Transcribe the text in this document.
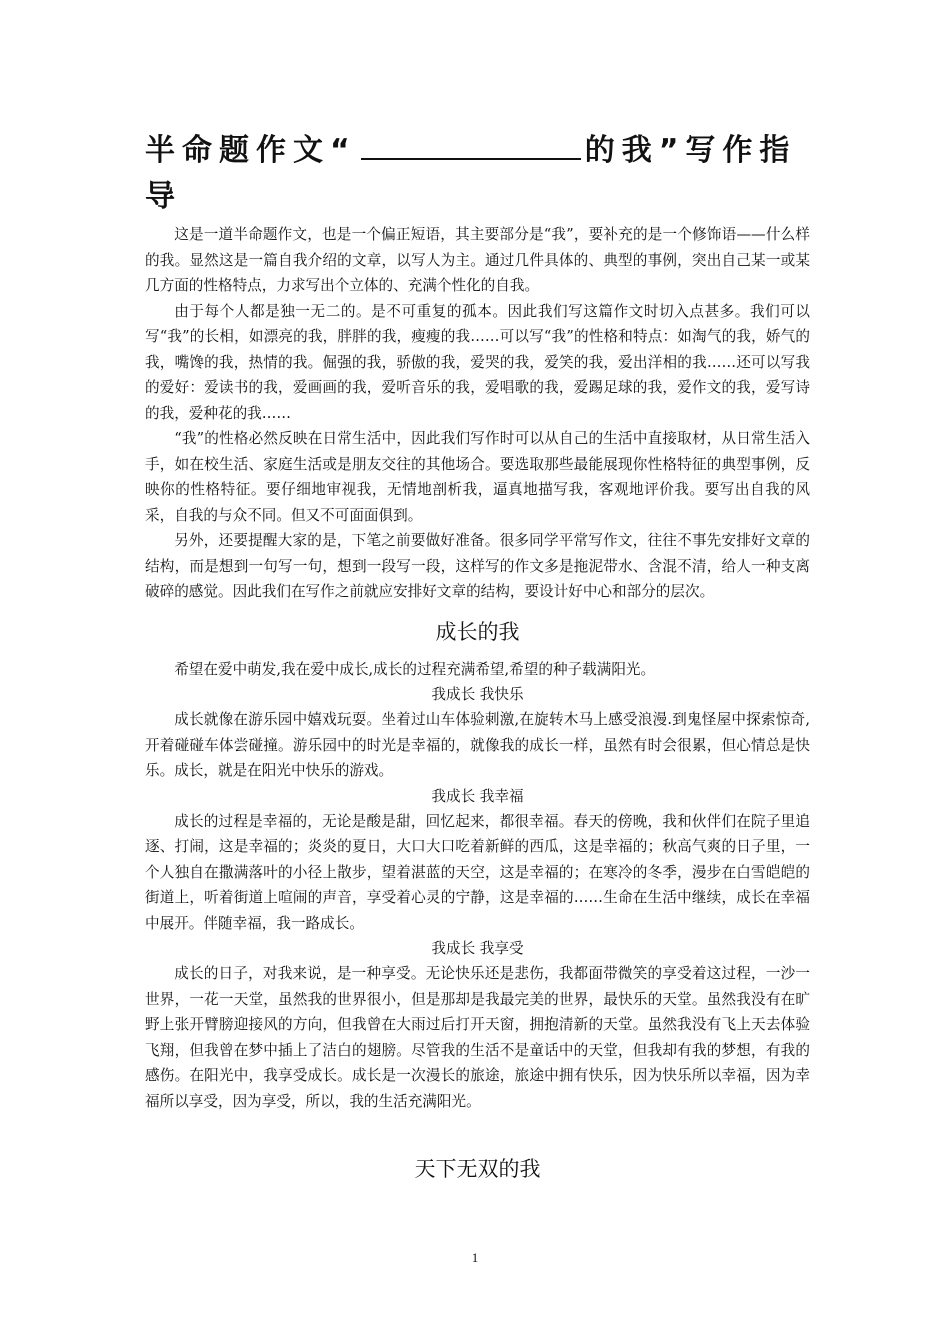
半命题作文“	的我”写作指导

这是一道半命题作文，也是一个偏正短语，其主要部分是“我”，要补充的是一个修饰语——什么样的我。显然这是一篇自我介绍的文章，以写人为主。通过几件具体的、典型的事例，突出自己某一或某几方面的性格特点，力求写出个立体的、充满个性化的自我。

由于每个人都是独一无二的。是不可重复的孤本。因此我们写这篇作文时切入点甚多。我们可以写“我”的长相，如漂亮的我，胖胖的我，瘦瘦的我……可以写“我”的性格和特点：如淘气的我，娇气的我，嘴馋的我，热情的我。倔强的我，骄傲的我，爱哭的我，爱笑的我，爱出洋相的我……还可以写我的爱好：爱读书的我，爱画画的我，爱听音乐的我，爱唱歌的我，爱踢足球的我，爱作文的我，爱写诗的我，爱种花的我……

“我”的性格必然反映在日常生活中，因此我们写作时可以从自己的生活中直接取材，从日常生活入手，如在校生活、家庭生活或是朋友交往的其他场合。要选取那些最能展现你性格特征的典型事例，反映你的性格特征。要仔细地审视我，无情地剖析我，逼真地描写我，客观地评价我。要写出自我的风采，自我的与众不同。但又不可面面俱到。

另外，还要提醒大家的是，下笔之前要做好准备。很多同学平常写作文，往往不事先安排好文章的结构，而是想到一句写一句，想到一段写一段，这样写的作文多是拖泥带水、含混不清，给人一种支离破碎的感觉。因此我们在写作之前就应安排好文章的结构，要设计好中心和部分的层次。

成长的我

希望在爱中萌发,我在爱中成长,成长的过程充满希望,希望的种子载满阳光。

我成长 我快乐

成长就像在游乐园中嬉戏玩耍。坐着过山车体验刺激,在旋转木马上感受浪漫.到鬼怪屋中探索惊奇,开着碰碰车体尝碰撞。游乐园中的时光是幸福的，就像我的成长一样，虽然有时会很累，但心情总是快乐。成长，就是在阳光中快乐的游戏。

我成长 我幸福

成长的过程是幸福的，无论是酸是甜，回忆起来，都很幸福。春天的傍晚，我和伙伴们在院子里追逐、打闹，这是幸福的；炎炎的夏日，大口大口吃着新鲜的西瓜，这是幸福的；秋高气爽的日子里，一个人独自在撒满落叶的小径上散步，望着湛蓝的天空，这是幸福的；在寒冷的冬季，漫步在白雪皑皑的街道上，听着街道上喧闹的声音，享受着心灵的宁静，这是幸福的……生命在生活中继续，成长在幸福中展开。伴随幸福，我一路成长。

我成长 我享受

成长的日子，对我来说，是一种享受。无论快乐还是悲伤，我都面带微笑的享受着这过程，一沙一世界，一花一天堂，虽然我的世界很小，但是那却是我最完美的世界，最快乐的天堂。虽然我没有在旷野上张开臂膀迎接风的方向，但我曾在大雨过后打开天窗，拥抱清新的天堂。虽然我没有飞上天去体验飞翔，但我曾在梦中插上了洁白的翅膀。尽管我的生活不是童话中的天堂，但我却有我的梦想，有我的感伤。在阳光中，我享受成长。成长是一次漫长的旅途，旅途中拥有快乐，因为快乐所以幸福，因为幸福所以享受，因为享受，所以，我的生活充满阳光。

天下无双的我
1
